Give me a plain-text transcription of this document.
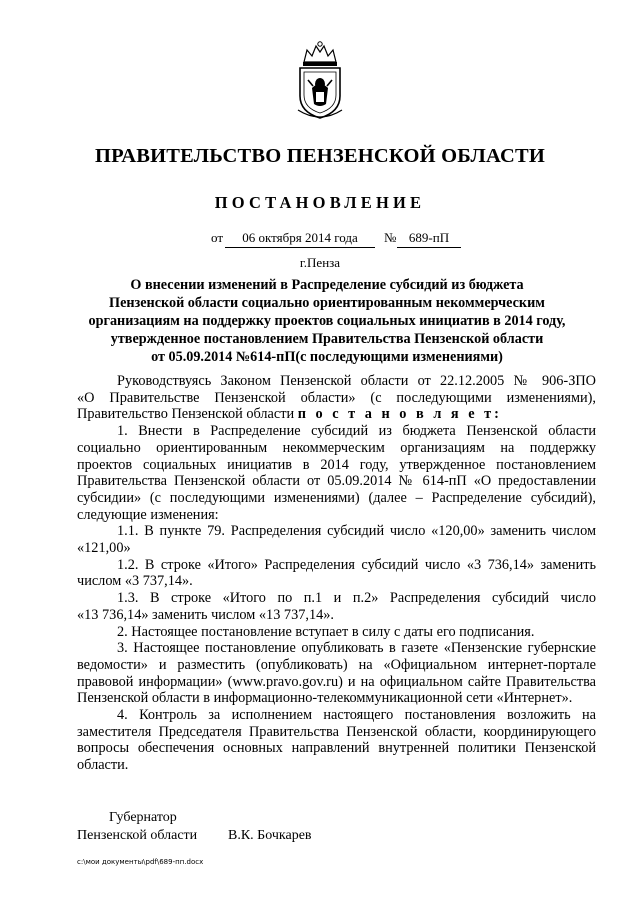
ПРАВИТЕЛЬСТВО ПЕНЗЕНСКОЙ ОБЛАСТИ
ПОСТАНОВЛЕНИЕ
от	06 октября 2014 года	№ 689-пП
г.Пенза
О внесении изменений в Распределение субсидий из бюджета
Пензенской области социально ориентированным некоммерческим
организациям на поддержку проектов социальных инициатив в 2014 году,
утвержденное постановлением Правительства Пензенской области
от 05.09.2014 №614-пП(с последующими изменениями)
Руководствуясь Законом Пензенской области от 22.12.2005 № 906-ЗПО
«О Правительстве Пензенской области» (с последующими изменениями),
Правительство Пензенской области п о с т а н о в л я е т:
1. Внести в Распределение субсидий из бюджета Пензенской области
социально ориентированным некоммерческим организациям на поддержку
проектов социальных инициатив в 2014 году, утвержденное постановлением
Правительства Пензенской области от 05.09.2014 № 614-пП «О предоставлении
субсидии» (с последующими изменениями) (далее – Распределение субсидий),
следующие изменения:
1.1. В пункте 79. Распределения субсидий число «120,00» заменить числом
«121,00»
1.2. В строке «Итого» Распределения субсидий число «3 736,14» заменить
числом «3 737,14».
1.3. В строке «Итого по п.1 и п.2» Распределения субсидий число
«13 736,14» заменить числом «13 737,14».
2. Настоящее постановление вступает в силу с даты его подписания.
3. Настоящее постановление опубликовать в газете «Пензенские губернские
ведомости» и разместить (опубликовать) на «Официальном интернет-портале
правовой информации» (www.pravo.gov.ru) и на официальном сайте Правительства
Пензенской области в информационно-телекоммуникационной сети «Интернет».
4. Контроль за исполнением настоящего постановления возложить на
заместителя Председателя Правительства Пензенской области, координирующего
вопросы обеспечения основных направлений внутренней политики Пензенской
области.
Губернатор
Пензенской области В.К. Бочкарев
c:\мои документы\pdf\689-пп.docx
